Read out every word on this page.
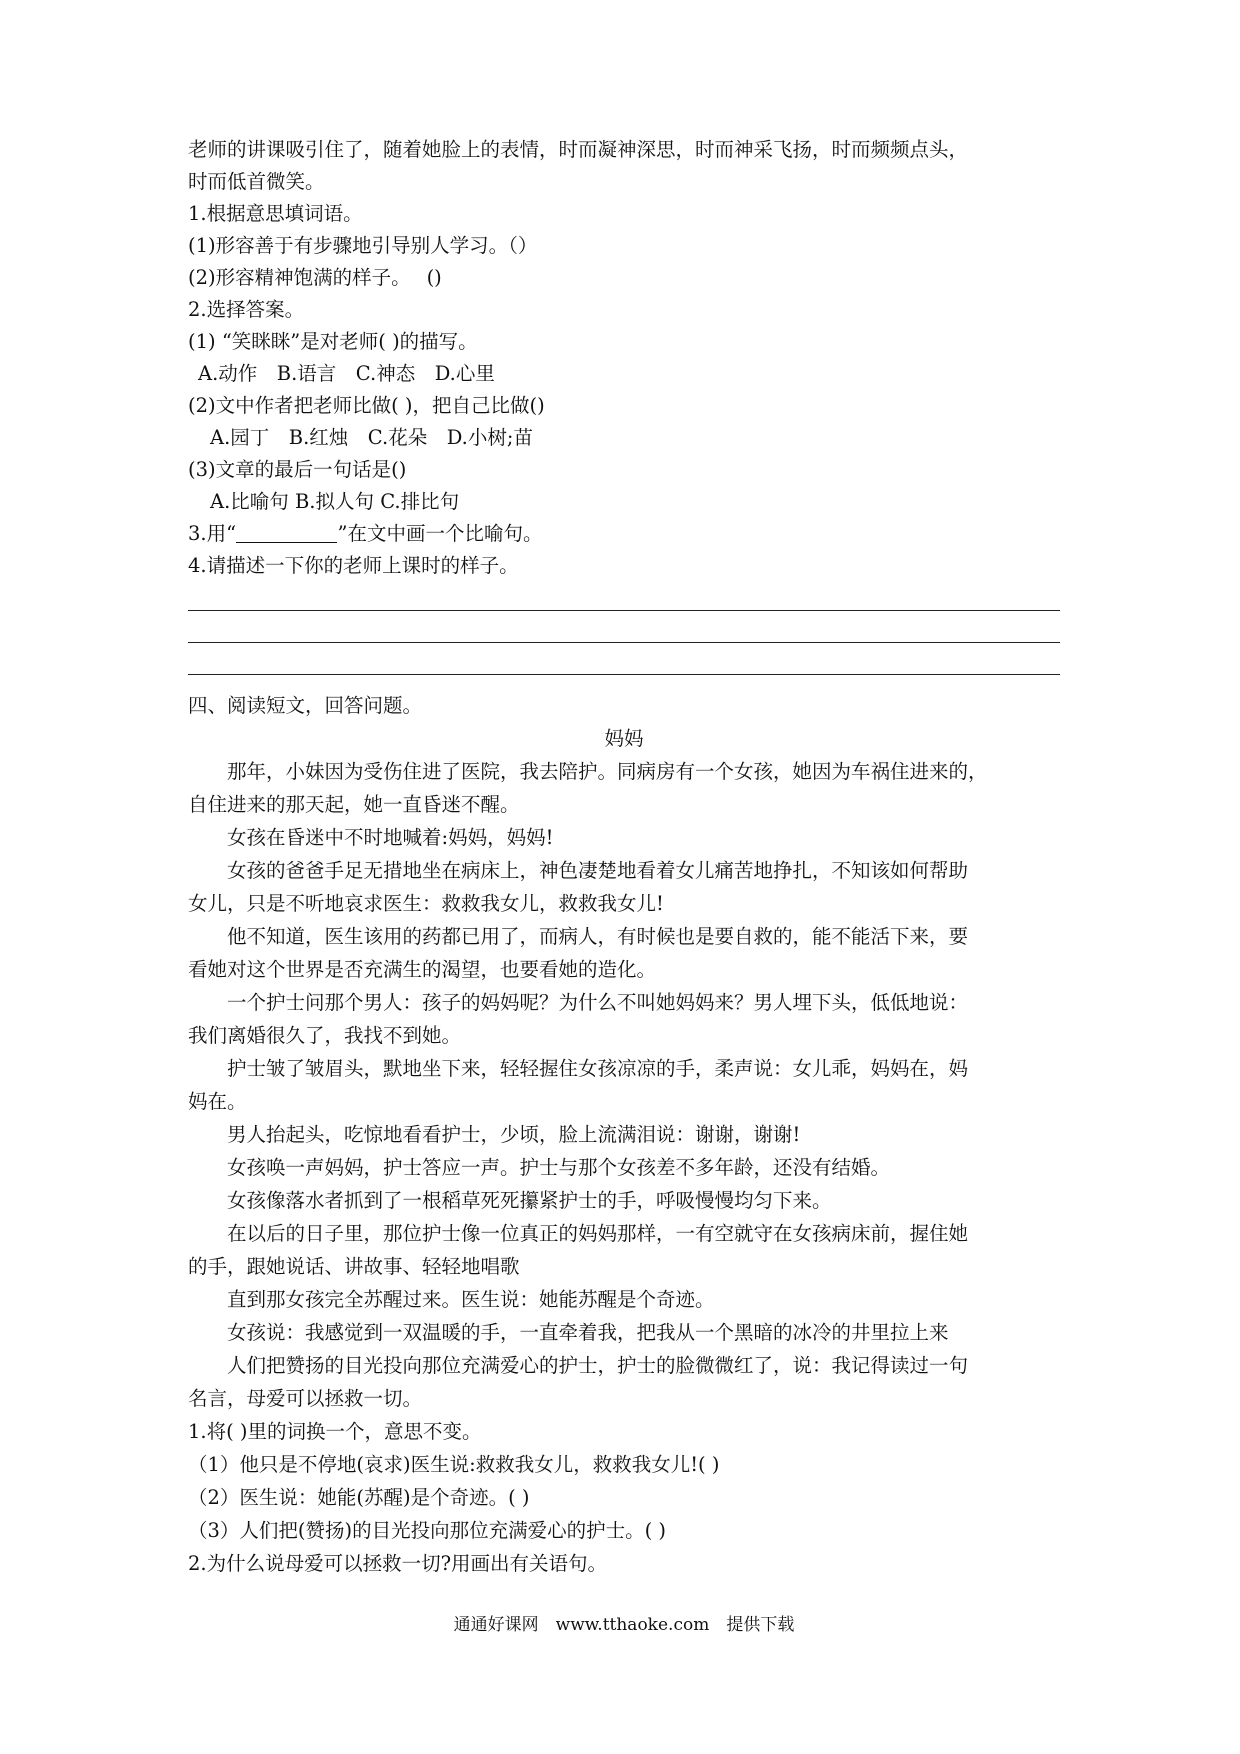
老师的讲课吸引住了，随着她脸上的表情，时而凝神深思，时而神采飞扬，时而频频点头，
时而低首微笑。
1.根据意思填词语。
(1)形容善于有步骤地引导别人学习。（）
(2)形容精神饱满的样子。　 ()
2.选择答案。
(1) “笑眯眯”是对老师( )的描写。
A.动作　B.语言　C.神态　D.心里
(2)文中作者把老师比做( )，把自己比做()
A.园丁　B.红烛　C.花朵　D.小树;苗
(3)文章的最后一句话是()
A.比喻句 B.拟人句 C.排比句
3.用“	”在文中画一个比喻句。
4.请描述一下你的老师上课时的样子。
四、阅读短文，回答问题。
妈妈
那年，小妹因为受伤住进了医院，我去陪护。同病房有一个女孩，她因为车祸住进来的，
自住进来的那天起，她一直昏迷不醒。
女孩在昏迷中不时地喊着:妈妈，妈妈!
女孩的爸爸手足无措地坐在病床上，神色凄楚地看着女儿痛苦地挣扎，不知该如何帮助
女儿，只是不听地哀求医生：救救我女儿，救救我女儿!
他不知道，医生该用的药都已用了，而病人，有时候也是要自救的，能不能活下来，要
看她对这个世界是否充满生的渴望，也要看她的造化。
一个护士问那个男人：孩子的妈妈呢？为什么不叫她妈妈来？男人埋下头，低低地说：
我们离婚很久了，我找不到她。
护士皱了皱眉头，默地坐下来，轻轻握住女孩凉凉的手，柔声说：女儿乖，妈妈在，妈
妈在。
男人抬起头，吃惊地看看护士，少顷，脸上流满泪说：谢谢，谢谢!
女孩唤一声妈妈，护士答应一声。护士与那个女孩差不多年龄，还没有结婚。
女孩像落水者抓到了一根稻草死死攥紧护士的手，呼吸慢慢均匀下来。
在以后的日子里，那位护士像一位真正的妈妈那样，一有空就守在女孩病床前，握住她
的手，跟她说话、讲故事、轻轻地唱歌
直到那女孩完全苏醒过来。医生说：她能苏醒是个奇迹。
女孩说：我感觉到一双温暖的手，一直牵着我，把我从一个黑暗的冰冷的井里拉上来
人们把赞扬的目光投向那位充满爱心的护士，护士的脸微微红了，说：我记得读过一句
名言，母爱可以拯救一切。
1.将( )里的词换一个，意思不变。
（1）他只是不停地(哀求)医生说:救救我女儿，救救我女儿!( )
（2）医生说：她能(苏醒)是个奇迹。( )
（3）人们把(赞扬)的目光投向那位充满爱心的护士。( )
2.为什么说母爱可以拯救一切?用画出有关语句。
通通好课网　www.tthaoke.com　提供下载
